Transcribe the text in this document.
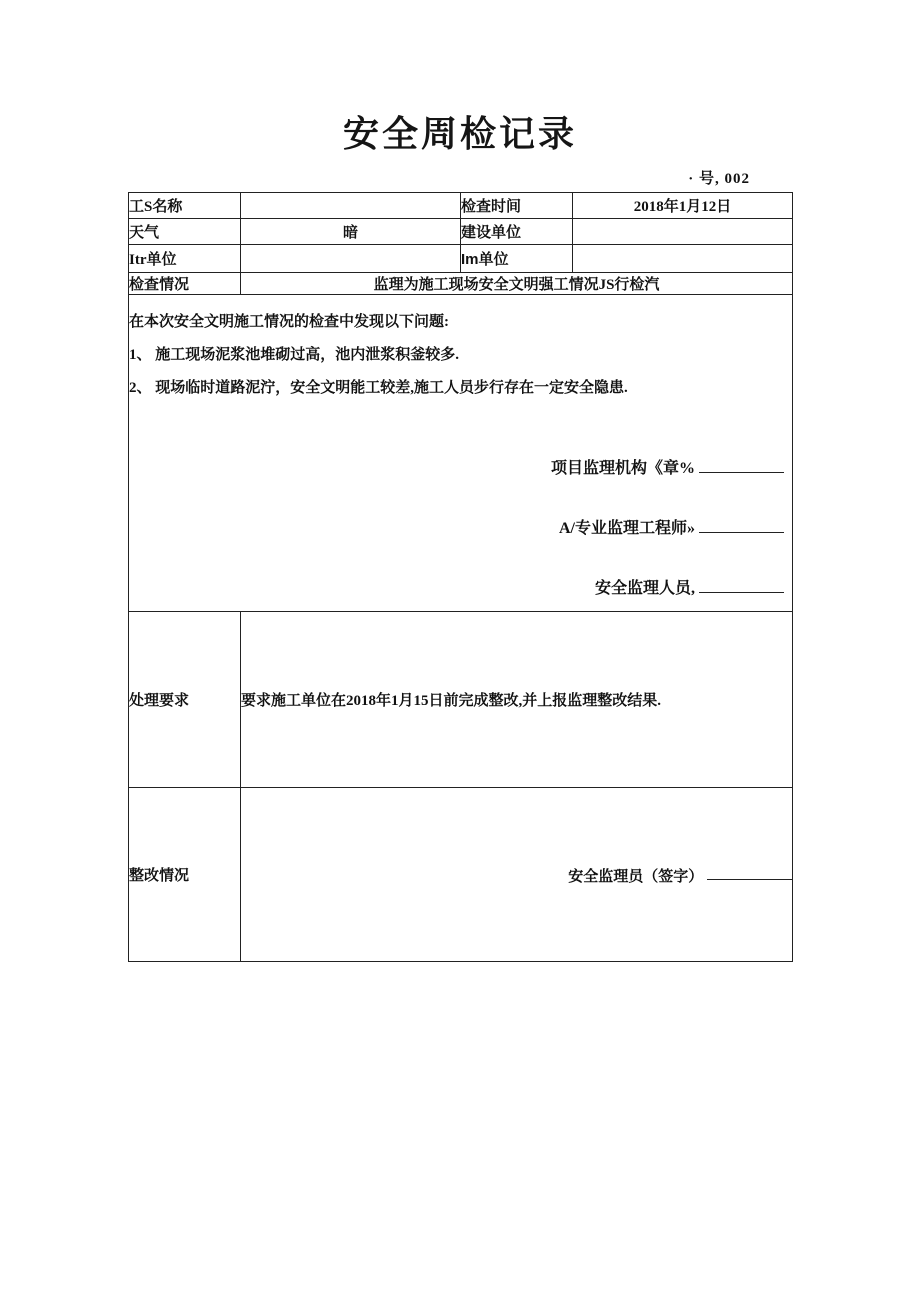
安全周检记录
· 号, 002
工S名称		检查时间	2018年1月12日
天气	暗	建设单位	
Itr单位		Im单位	
检查情况	监理为施工现场安全文明强工情况JS行检汽		

在本次安全文明施工情况的检查中发现以下问题:
1、 施工现场泥浆池堆砌过高，池内泄浆积釜较多.
2、 现场临时道路泥泞，安全文明能工较差,施工人员步行存在一定安全隐患.
项目监理机构《章%
A/专业监理工程师»
安全监理人员,

处理要求	要求施工单位在2018年1月15日前完成整改,并上报监理整改结果.		
整改情况	安全监理员（签字）		
